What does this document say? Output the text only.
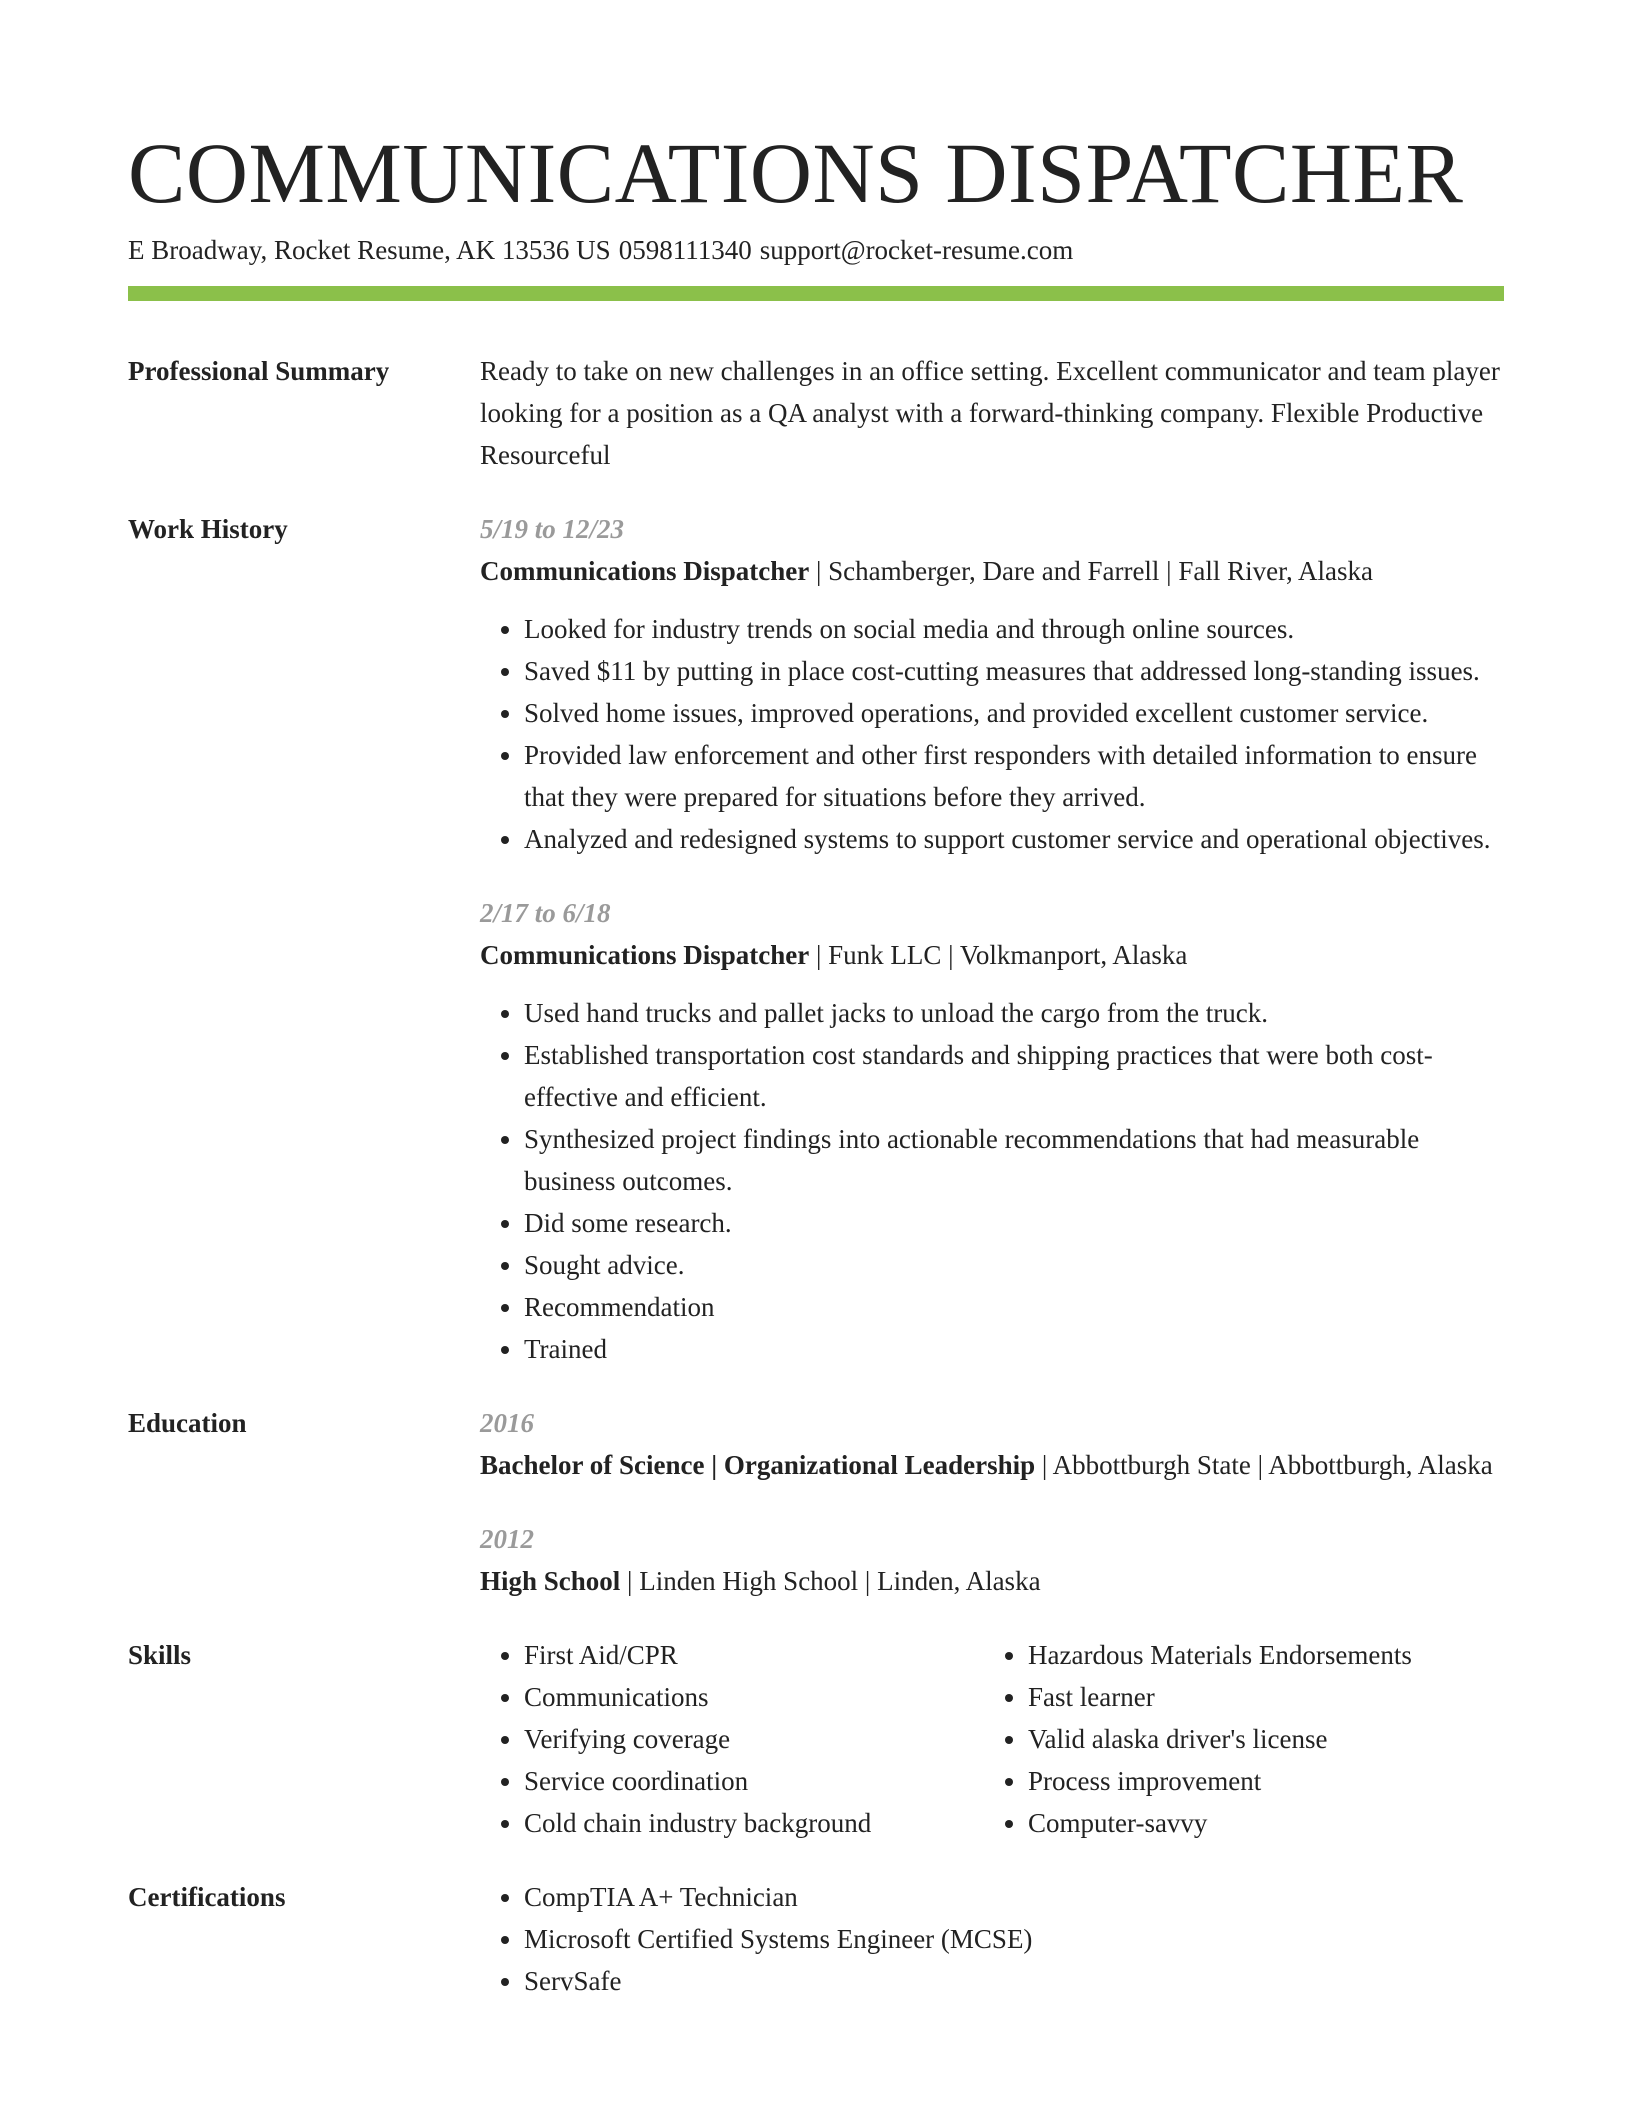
COMMUNICATIONS DISPATCHER
E Broadway, Rocket Resume, AK 13536 US 0598111340 support@rocket-resume.com
Professional Summary	Ready to take on new challenges in an office setting. Excellent communicator and team player looking for a position as a QA analyst with a forward-thinking company. Flexible Productive Resourceful
Work History	5/19 to 12/23
Communications Dispatcher | Schamberger, Dare and Farrell | Fall River, Alaska
• Looked for industry trends on social media and through online sources.
• Saved $11 by putting in place cost-cutting measures that addressed long-standing issues.
• Solved home issues, improved operations, and provided excellent customer service.
• Provided law enforcement and other first responders with detailed information to ensure that they were prepared for situations before they arrived.
• Analyzed and redesigned systems to support customer service and operational objectives.
2/17 to 6/18
Communications Dispatcher | Funk LLC | Volkmanport, Alaska
• Used hand trucks and pallet jacks to unload the cargo from the truck.
• Established transportation cost standards and shipping practices that were both cost-effective and efficient.
• Synthesized project findings into actionable recommendations that had measurable business outcomes.
• Did some research.
• Sought advice.
• Recommendation
• Trained
Education	2016
Bachelor of Science | Organizational Leadership | Abbottburgh State | Abbottburgh, Alaska
2012
High School | Linden High School | Linden, Alaska
Skills	• First Aid/CPR
• Communications
• Verifying coverage
• Service coordination
• Cold chain industry background
• Hazardous Materials Endorsements
• Fast learner
• Valid alaska driver's license
• Process improvement
• Computer-savvy
Certifications	• CompTIA A+ Technician
• Microsoft Certified Systems Engineer (MCSE)
• ServSafe
